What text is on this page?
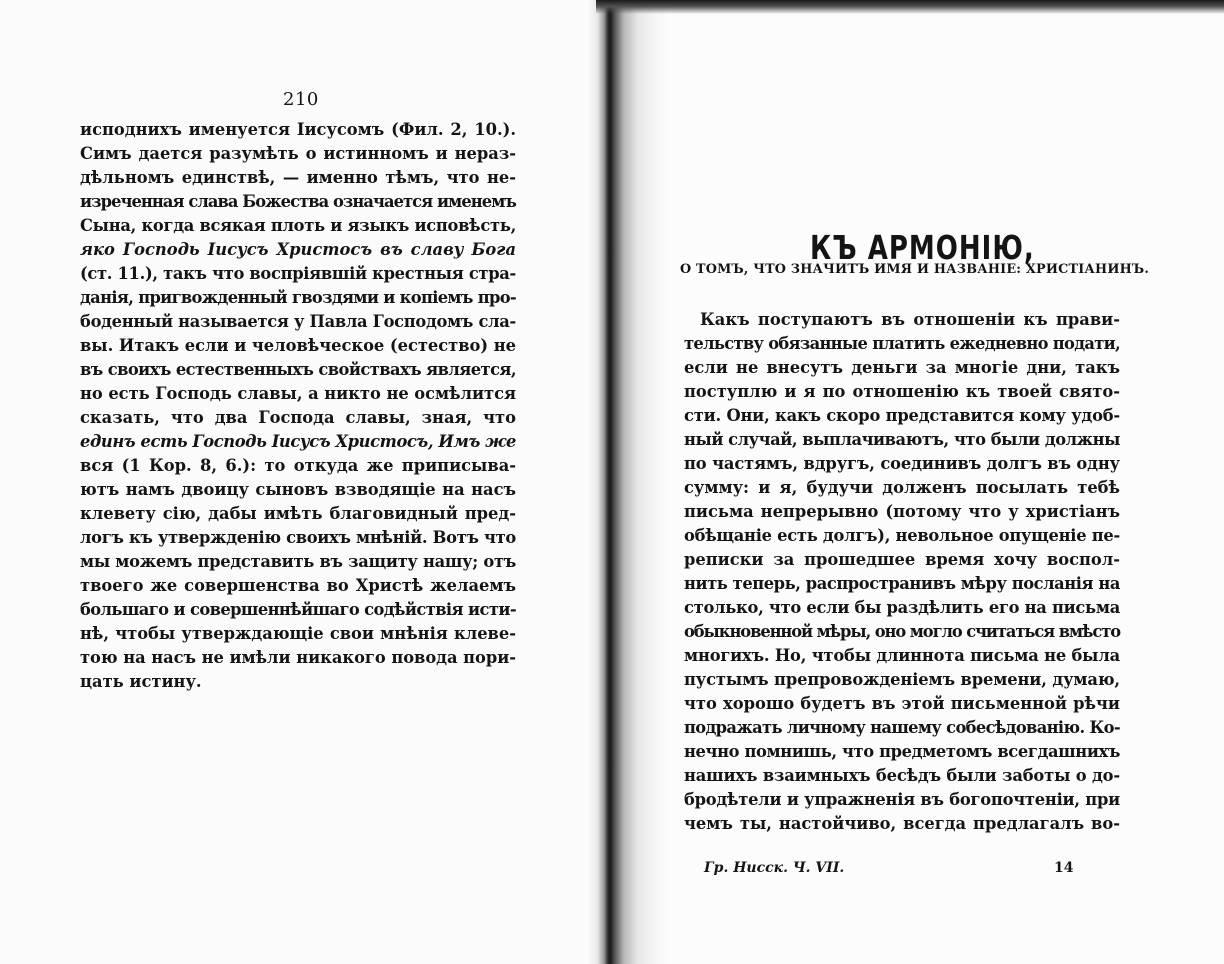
210
исподнихъ именуется Іисусомъ (Фил. 2, 10.).
Симъ дается разумѣть о истинномъ и нераз-
дѣльномъ единствѣ, — именно тѣмъ, что не-
изреченная слава Божества означается именемъ
Сына, когда всякая плоть и языкъ исповѣсть,
яко Господь Іисусъ Христосъ въ славу Бога
(ст. 11.), такъ что воспріявшій крестныя стра-
данія, пригвожденный гвоздями и копіемъ про-
боденный называется у Павла Господомъ сла-
вы. Итакъ если и человѣческое (естество) не
въ своихъ естественныхъ свойствахъ является,
но есть Господь славы, а никто не осмѣлится
сказать, что два Господа славы, зная, что
единъ есть Господь Іисусъ Христосъ, Имъ же
вся (1 Кор. 8, 6.): то откуда же приписыва-
ютъ намъ двоицу сыновъ взводящіе на насъ
клевету сію, дабы имѣть благовидный пред-
логъ къ утвержденію своихъ мнѣній. Вотъ что
мы можемъ представить въ защиту нашу; отъ
твоего же совершенства во Христѣ желаемъ
большаго и совершеннѣйшаго содѣйствія исти-
нѣ, чтобы утверждающіе свои мнѣнія клеве-
тою на насъ не имѣли никакого повода пори-
цать истину.
КЪ АРМОНІЮ,
О ТОМЪ, ЧТО ЗНАЧИТЪ ИМЯ И НАЗВАНІЕ: ХРИСТІАНИНЪ.
Какъ поступаютъ въ отношеніи къ прави-
тельству обязанные платить ежедневно подати,
если не внесутъ деньги за многіе дни, такъ
поступлю и я по отношенію къ твоей свято-
сти. Они, какъ скоро представится кому удоб-
ный случай, выплачиваютъ, что были должны
по частямъ, вдругъ, соединивъ долгъ въ одну
сумму: и я, будучи долженъ посылать тебѣ
письма непрерывно (потому что у христіанъ
обѣщаніе есть долгъ), невольное опущеніе пе-
реписки за прошедшее время хочу воспол-
нить теперь, распространивъ мѣру посланія на
столько, что если бы раздѣлить его на письма
обыкновенной мѣры, оно могло считаться вмѣсто
многихъ. Но, чтобы длиннота письма не была
пустымъ препровожденіемъ времени, думаю,
что хорошо будетъ въ этой письменной рѣчи
подражать личному нашему собесѣдованію. Ко-
нечно помнишь, что предметомъ всегдашнихъ
нашихъ взаимныхъ бесѣдъ были заботы о до-
бродѣтели и упражненія въ богопочтеніи, при
чемъ ты, настойчиво, всегда предлагалъ во-
Гр. Нисск. Ч. VII.	14
